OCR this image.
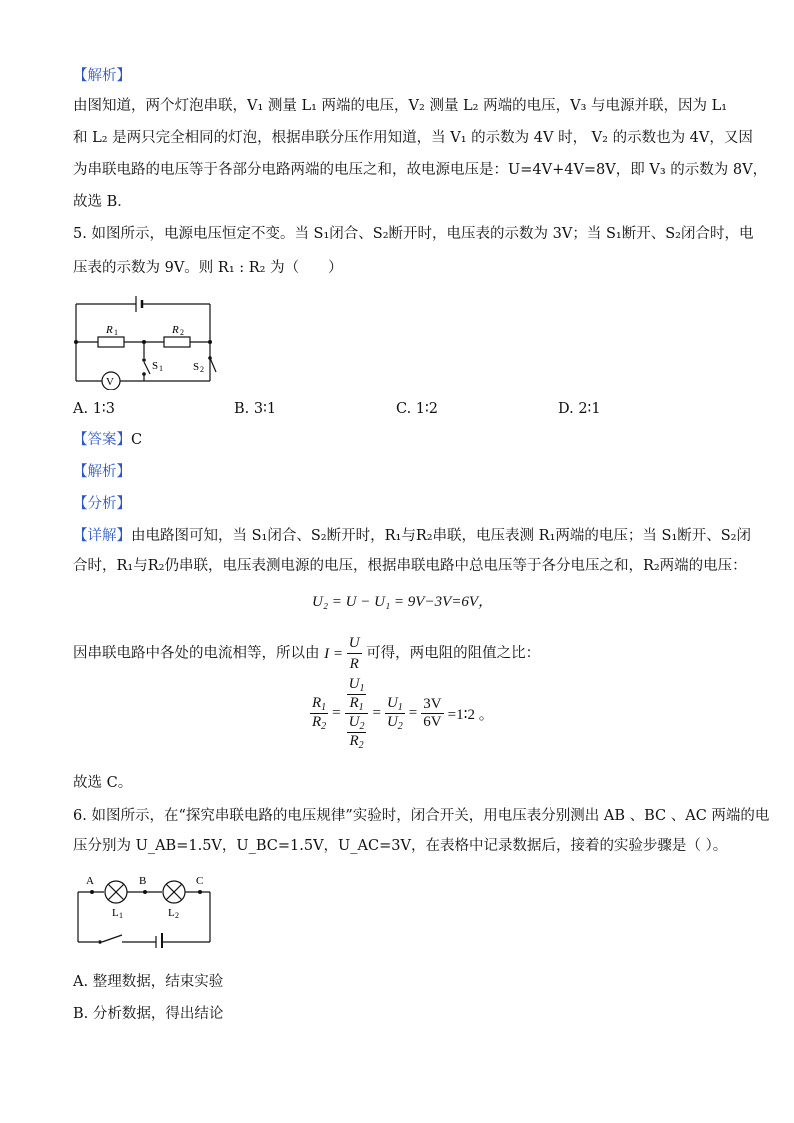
【解析】
由图知道，两个灯泡串联，V₁ 测量 L₁ 两端的电压，V₂ 测量 L₂ 两端的电压，V₃ 与电源并联，因为 L₁
和 L₂ 是两只完全相同的灯泡，根据串联分压作用知道，当 V₁ 的示数为 4V 时， V₂ 的示数也为 4V，又因
为串联电路的电压等于各部分电路两端的电压之和，故电源电压是：U=4V+4V=8V，即 V₃ 的示数为 8V，
故选 B．
5. 如图所示，电源电压恒定不变。当 S₁闭合、S₂断开时，电压表的示数为 3V；当 S₁断开、S₂闭合时，电
压表的示数为 9V。则 R₁ : R₂ 为（　　）
R 1	R 2
S 1	S 2
V
A. 1∶3	B. 3∶1	C. 1∶2	D. 2∶1
【答案】C
【解析】
【分析】
【详解】由电路图可知，当 S₁闭合、S₂断开时，R₁与R₂串联，电压表测 R₁两端的电压；当 S₁断开、S₂闭
合时，R₁与R₂仍串联，电压表测电源的电压，根据串联电路中总电压等于各分电压之和，R₂两端的电压：
U₂ = U − U₁ = 9V−3V=6V，
因串联电路中各处的电流相等，所以由 $I = \frac{U}{R}$ 可得，两电阻的阻值之比：
$\frac{R_1}{R_2} = \frac{\frac{U_1}{R_1}}{\frac{U_2}{R_2}} = \frac{U_1}{U_2} = \frac{3V}{6V}$ =1∶2 。
故选 C。
6. 如图所示，在“探究串联电路的电压规律”实验时，闭合开关，用电压表分别测出 AB 、BC 、AC 两端的电
压分别为 U_AB=1.5V，U_BC=1.5V，U_AC=3V，在表格中记录数据后，接着的实验步骤是（ ）。
A	B	C
L 1	L 2
A. 整理数据，结束实验
B. 分析数据，得出结论
